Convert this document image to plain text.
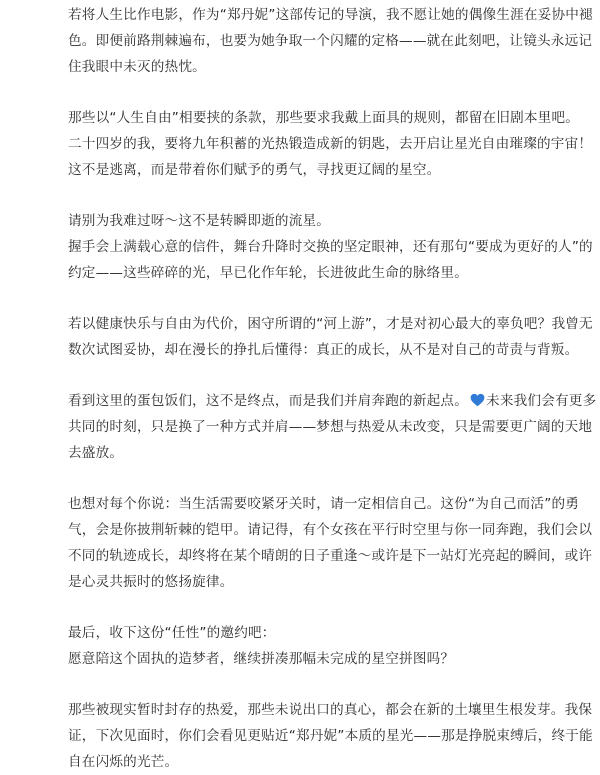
若将人生比作电影，作为“郑丹妮”这部传记的导演，我不愿让她的偶像生涯在妥协中褪
色。即便前路荆棘遍布，也要为她争取一个闪耀的定格——就在此刻吧，让镜头永远记
住我眼中未灭的热忱。

那些以“人生自由”相要挟的条款，那些要求我戴上面具的规则，都留在旧剧本里吧。
二十四岁的我，要将九年积蓄的光热锻造成新的钥匙，去开启让星光自由璀璨的宇宙！
这不是逃离，而是带着你们赋予的勇气，寻找更辽阔的星空。

请别为我难过呀～这不是转瞬即逝的流星。
握手会上满载心意的信件，舞台升降时交换的坚定眼神，还有那句“要成为更好的人”的
约定——这些碎碎的光，早已化作年轮，长进彼此生命的脉络里。

若以健康快乐与自由为代价，困守所谓的“河上游”，才是对初心最大的辜负吧？我曾无
数次试图妥协，却在漫长的挣扎后懂得：真正的成长，从不是对自己的苛责与背叛。

看到这里的蛋包饭们，这不是终点，而是我们并肩奔跑的新起点。 未来我们会有更多
共同的时刻，只是换了一种方式并肩——梦想与热爱从未改变，只是需要更广阔的天地
去盛放。

也想对每个你说：当生活需要咬紧牙关时，请一定相信自己。这份“为自己而活”的勇
气，会是你披荆斩棘的铠甲。请记得，有个女孩在平行时空里与你一同奔跑，我们会以
不同的轨迹成长，却终将在某个晴朗的日子重逢～或许是下一站灯光亮起的瞬间，或许
是心灵共振时的悠扬旋律。

最后，收下这份“任性”的邀约吧：
愿意陪这个固执的造梦者，继续拼凑那幅未完成的星空拼图吗？

那些被现实暂时封存的热爱，那些未说出口的真心，都会在新的土壤里生根发芽。我保
证，下次见面时，你们会看见更贴近“郑丹妮”本质的星光——那是挣脱束缚后，终于能
自在闪烁的光芒。
